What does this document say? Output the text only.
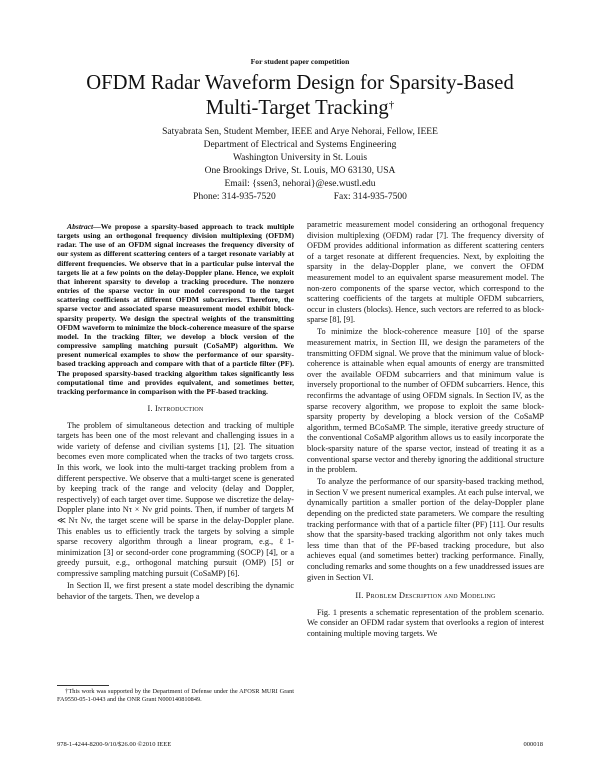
For student paper competition
OFDM Radar Waveform Design for Sparsity-Based
Multi-Target Tracking†
Satyabrata Sen, Student Member, IEEE and Arye Nehorai, Fellow, IEEE
Department of Electrical and Systems Engineering
Washington University in St. Louis
One Brookings Drive, St. Louis, MO 63130, USA
Email: {ssen3, nehorai}@ese.wustl.edu
Phone: 314-935-7520	Fax: 314-935-7500

Abstract—We propose a sparsity-based approach to track multiple targets using an orthogonal frequency division multiplexing (OFDM) radar. The use of an OFDM signal increases the frequency diversity of our system as different scattering centers of a target resonate variably at different frequencies. We observe that in a particular pulse interval the targets lie at a few points on the delay-Doppler plane. Hence, we exploit that inherent sparsity to develop a tracking procedure. The nonzero entries of the sparse vector in our model correspond to the target scattering coefficients at different OFDM subcarriers. Therefore, the sparse vector and associated sparse measurement model exhibit block-sparsity property. We design the spectral weights of the transmitting OFDM waveform to minimize the block-coherence measure of the sparse model. In the tracking filter, we develop a block version of the compressive sampling matching pursuit (CoSaMP) algorithm. We present numerical examples to show the performance of our sparsity-based tracking approach and compare with that of a particle filter (PF). The proposed sparsity-based tracking algorithm takes significantly less computational time and provides equivalent, and sometimes better, tracking performance in comparison with the PF-based tracking.

I. Introduction

The problem of simultaneous detection and tracking of multiple targets has been one of the most relevant and challenging issues in a wide variety of defense and civilian systems [1], [2]. The situation becomes even more complicated when the tracks of two targets cross. In this work, we look into the multi-target tracking problem from a different perspective. We observe that a multi-target scene is generated by keeping track of the range and velocity (delay and Doppler, respectively) of each target over time. Suppose we discretize the delay-Doppler plane into Nτ × Nν grid points. Then, if number of targets M ≪ Nτ Nν, the target scene will be sparse in the delay-Doppler plane. This enables us to efficiently track the targets by solving a simple sparse recovery algorithm through a linear program, e.g., ℓ1-minimization [3] or second-order cone programming (SOCP) [4], or a greedy pursuit, e.g., orthogonal matching pursuit (OMP) [5] or compressive sampling matching pursuit (CoSaMP) [6].

In Section II, we first present a state model describing the dynamic behavior of the targets. Then, we develop a

parametric measurement model considering an orthogonal frequency division multiplexing (OFDM) radar [7]. The frequency diversity of OFDM provides additional information as different scattering centers of a target resonate at different frequencies. Next, by exploiting the sparsity in the delay-Doppler plane, we convert the OFDM measurement model to an equivalent sparse measurement model. The non-zero components of the sparse vector, which correspond to the scattering coefficients of the targets at multiple OFDM subcarriers, occur in clusters (blocks). Hence, such vectors are referred to as block-sparse [8], [9].

To minimize the block-coherence measure [10] of the sparse measurement matrix, in Section III, we design the parameters of the transmitting OFDM signal. We prove that the minimum value of block-coherence is attainable when equal amounts of energy are transmitted over the available OFDM subcarriers and that minimum value is inversely proportional to the number of OFDM subcarriers. Hence, this reconfirms the advantage of using OFDM signals. In Section IV, as the sparse recovery algorithm, we propose to exploit the same block-sparsity property by developing a block version of the CoSaMP algorithm, termed BCoSaMP. The simple, iterative greedy structure of the conventional CoSaMP algorithm allows us to easily incorporate the block-sparsity nature of the sparse vector, instead of treating it as a conventional sparse vector and thereby ignoring the additional structure in the problem.

To analyze the performance of our sparsity-based tracking method, in Section V we present numerical examples. At each pulse interval, we dynamically partition a smaller portion of the delay-Doppler plane depending on the predicted state parameters. We compare the resulting tracking performance with that of a particle filter (PF) [11]. Our results show that the sparsity-based tracking algorithm not only takes much less time than that of the PF-based tracking procedure, but also achieves equal (and sometimes better) tracking performance. Finally, concluding remarks and some thoughts on a few unaddressed issues are given in Section VI.

II. Problem Description and Modeling

Fig. 1 presents a schematic representation of the problem scenario. We consider an OFDM radar system that overlooks a region of interest containing multiple moving targets. We

†This work was supported by the Department of Defense under the AFOSR MURI Grant FA9550-05-1-0443 and the ONR Grant N000140810849.
978-1-4244-8200-9/10/$26.00 ©2010 IEEE	000018
